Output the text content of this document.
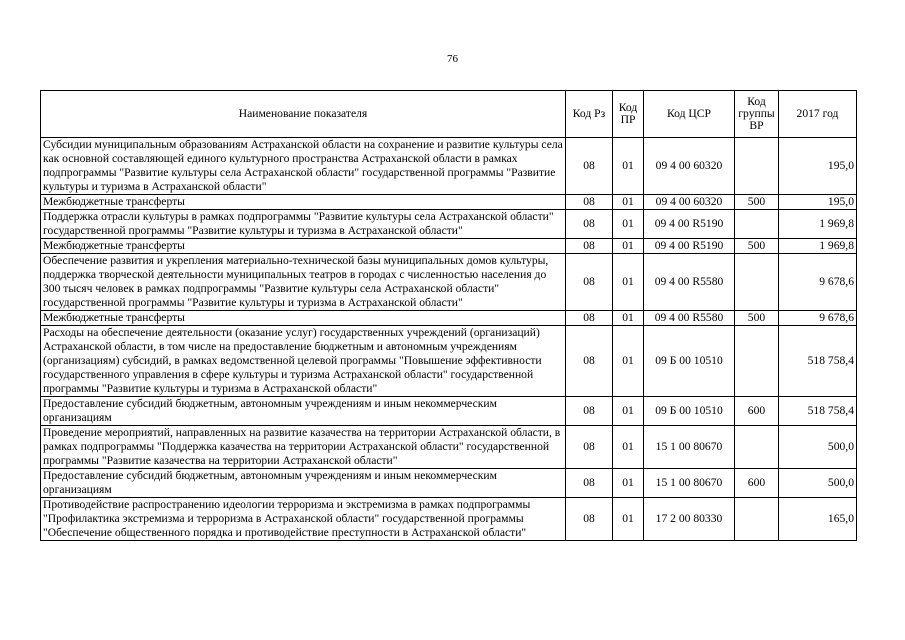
76
Наименование показателя	Код Рз	Код ПР	Код ЦСР	Код группы ВР	2017 год
Субсидии муниципальным образованиям Астраханской области на сохранение и развитие культуры села как основной составляющей единого культурного пространства Астраханской области в рамках подпрограммы "Развитие культуры села Астраханской области" государственной программы "Развитие культуры и туризма в Астраханской области"	08	01	09 4 00 60320		195,0
Межбюджетные трансферты	08	01	09 4 00 60320	500	195,0
Поддержка отрасли культуры в рамках подпрограммы "Развитие культуры села Астраханской области" государственной программы "Развитие культуры и туризма в Астраханской области"	08	01	09 4 00 R5190		1 969,8
Межбюджетные трансферты	08	01	09 4 00 R5190	500	1 969,8
Обеспечение развития и укрепления материально-технической базы муниципальных домов культуры, поддержка творческой деятельности муниципальных театров в городах с численностью населения до 300 тысяч человек в рамках подпрограммы "Развитие культуры села Астраханской области" государственной программы "Развитие культуры и туризма в Астраханской области"	08	01	09 4 00 R5580		9 678,6
Межбюджетные трансферты	08	01	09 4 00 R5580	500	9 678,6
Расходы на обеспечение деятельности (оказание услуг) государственных учреждений (организаций) Астраханской области, в том числе на предоставление бюджетным и автономным учреждениям (организациям) субсидий, в рамках ведомственной целевой программы "Повышение эффективности государственного управления в сфере культуры и туризма Астраханской области" государственной программы "Развитие культуры и туризма в Астраханской области"	08	01	09 Б 00 10510		518 758,4
Предоставление субсидий бюджетным, автономным учреждениям и иным некоммерческим организациям	08	01	09 Б 00 10510	600	518 758,4
Проведение мероприятий, направленных на развитие казачества на территории Астраханской области, в рамках подпрограммы "Поддержка казачества на территории Астраханской области" государственной программы "Развитие казачества на территории Астраханской области"	08	01	15 1 00 80670		500,0
Предоставление субсидий бюджетным, автономным учреждениям и иным некоммерческим организациям	08	01	15 1 00 80670	600	500,0
Противодействие распространению идеологии терроризма и экстремизма в рамках подпрограммы "Профилактика экстремизма и терроризма в Астраханской области" государственной программы "Обеспечение общественного порядка и противодействие преступности в Астраханской области"	08	01	17 2 00 80330		165,0
